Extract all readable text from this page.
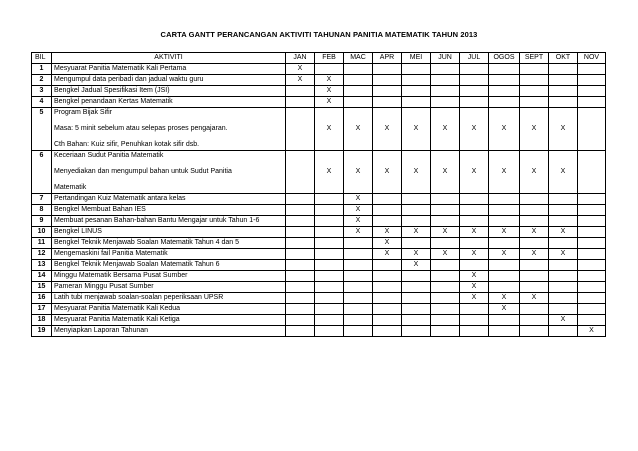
CARTA GANTT PERANCANGAN AKTIVITI TAHUNAN PANITIA MATEMATIK TAHUN 2013
BIL	AKTIVITI	JAN	FEB	MAC	APR	MEI	JUN	JUL	OGOS	SEPT	OKT	NOV
1	Mesyuarat Panitia Matematik Kali Pertama	X										
2	Mengumpul data peribadi dan jadual waktu guru	X	X									
3	Bengkel Jadual Spesifikasi Item (JSI)		X									
4	Bengkel penandaan Kertas Matematik		X									
5	Program Bijak Sifir
Masa: 5 minit sebelum atau selepas proses pengajaran.
Cth Bahan: Kuiz sifir, Penuhkan kotak sifir dsb.		X	X	X	X	X	X	X	X	X	
6	Keceriaan Sudut Panitia Matematik
Menyediakan dan mengumpul bahan untuk Sudut Panitia
Matematik		X	X	X	X	X	X	X	X	X	
7	Pertandingan Kuiz Matematik antara kelas			X								
8	Bengkel Membuat Bahan IES			X								
9	Membuat pesanan Bahan-bahan Bantu Mengajar untuk Tahun 1-6			X								
10	Bengkel LINUS			X	X	X	X	X	X	X	X	
11	Bengkel Teknik Menjawab Soalan Matematik Tahun 4 dan 5				X							
12	Mengemaskini fail Panitia Matematik				X	X	X	X	X	X	X	
13	Bengkel Teknik Menjawab Soalan Matematik Tahun 6					X						
14	Minggu Matematik Bersama Pusat Sumber							X				
15	Pameran Minggu Pusat Sumber							X				
16	Latih tubi menjawab soalan-soalan peperiksaan UPSR							X	X	X		
17	Mesyuarat Panitia Matematik Kali Kedua								X			
18	Mesyuarat Panitia Matematik Kali Ketiga										X	
19	Menyiapkan Laporan Tahunan											X
